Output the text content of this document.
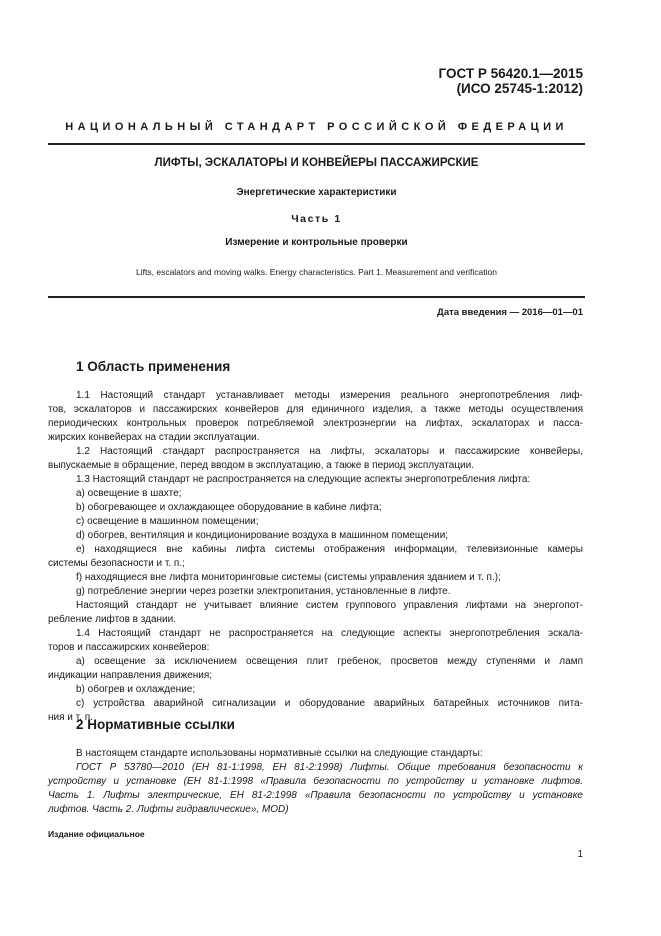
ГОСТ Р 56420.1—2015
(ИСО 25745-1:2012)
НАЦИОНАЛЬНЫЙ СТАНДАРТ РОССИЙСКОЙ ФЕДЕРАЦИИ
ЛИФТЫ, ЭСКАЛАТОРЫ И КОНВЕЙЕРЫ ПАССАЖИРСКИЕ
Энергетические характеристики
Часть 1
Измерение и контрольные проверки
Lifts, escalators and moving walks. Energy characteristics. Part 1. Measurement and verification
Дата введения — 2016—01—01
1 Область применения
1.1 Настоящий стандарт устанавливает методы измерения реального энергопотребления лиф-
тов, эскалаторов и пассажирских конвейеров для единичного изделия, а также методы осуществления
периодических контрольных проверок потребляемой электроэнергии на лифтах, эскалаторах и пасса-
жирских конвейерах на стадии эксплуатации.
1.2 Настоящий стандарт распространяется на лифты, эскалаторы и пассажирские конвейеры,
выпускаемые в обращение, перед вводом в эксплуатацию, а также в период эксплуатации.
1.3 Настоящий стандарт не распространяется на следующие аспекты энергопотребления лифта:
a) освещение в шахте;
b) обогревающее и охлаждающее оборудование в кабине лифта;
c) освещение в машинном помещении;
d) обогрев, вентиляция и кондиционирование воздуха в машинном помещении;
e) находящиеся вне кабины лифта системы отображения информации, телевизионные камеры
системы безопасности и т. п.;
f) находящиеся вне лифта мониторинговые системы (системы управления зданием и т. п.);
g) потребление энергии через розетки электропитания, установленные в лифте.
Настоящий стандарт не учитывает влияние систем группового управления лифтами на энергопот-
ребление лифтов в здании.
1.4 Настоящий стандарт не распространяется на следующие аспекты энергопотребления эскала-
торов и пассажирских конвейеров:
a) освещение за исключением освещения плит гребенок, просветов между ступенями и ламп
индикации направления движения;
b) обогрев и охлаждение;
c) устройства аварийной сигнализации и оборудование аварийных батарейных источников пита-
ния и т. п.
2 Нормативные ссылки
В настоящем стандарте использованы нормативные ссылки на следующие стандарты:
ГОСТ Р 53780—2010 (ЕН 81-1:1998, ЕН 81-2:1998) Лифты. Общие требования безопасности к
устройству и установке (ЕН 81-1:1998 «Правила безопасности по устройству и установке лифтов.
Часть 1. Лифты электрические, ЕН 81-2:1998 «Правила безопасности по устройству и установке
лифтов. Часть 2. Лифты гидравлические», MOD)
Издание официальное
1
